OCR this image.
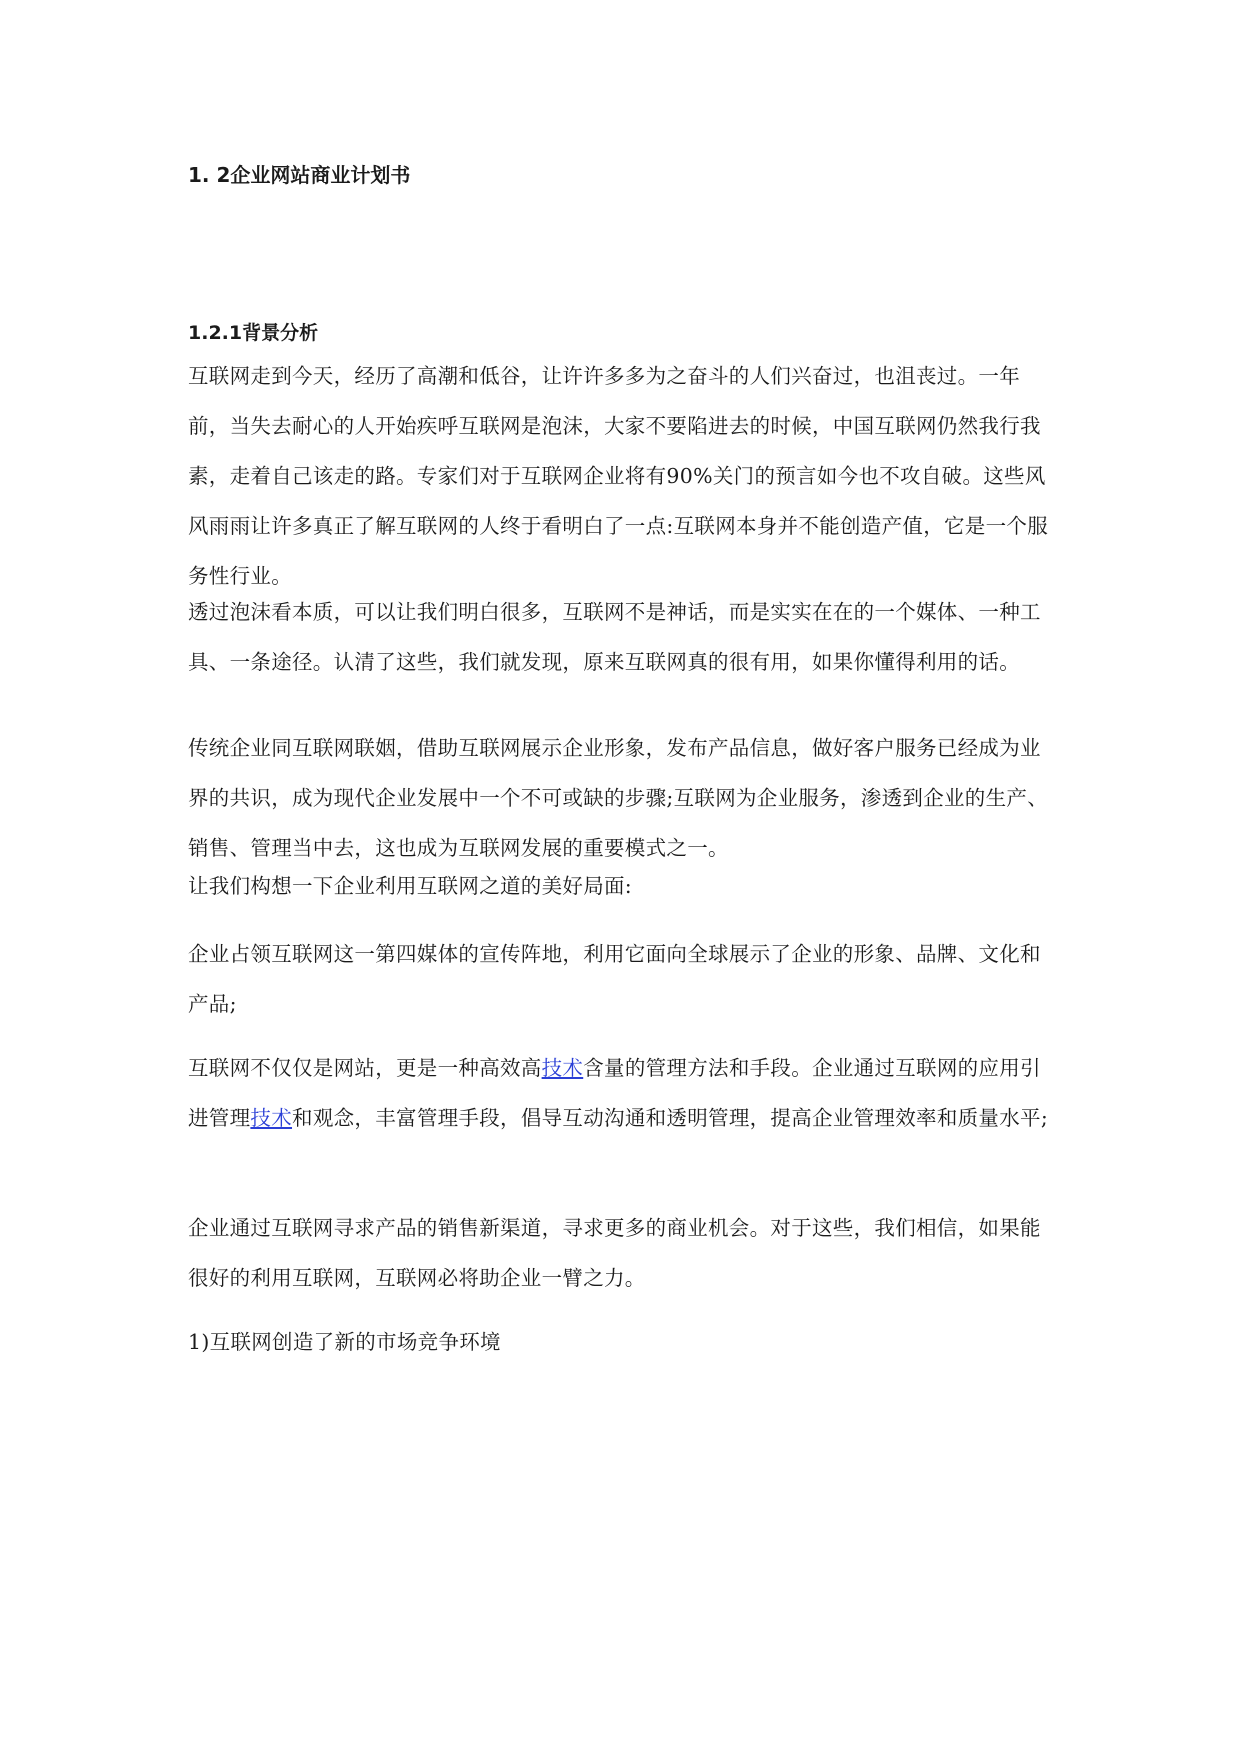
1. 2企业网站商业计划书
1.2.1背景分析

互联网走到今天，经历了高潮和低谷，让许许多多为之奋斗的人们兴奋过，也沮丧过。一年前，当失去耐心的人开始疾呼互联网是泡沫，大家不要陷进去的时候，中国互联网仍然我行我素，走着自己该走的路。专家们对于互联网企业将有90%关门的预言如今也不攻自破。这些风风雨雨让许多真正了解互联网的人终于看明白了一点:互联网本身并不能创造产值，它是一个服务性行业。

透过泡沫看本质，可以让我们明白很多，互联网不是神话，而是实实在在的一个媒体、一种工具、一条途径。认清了这些，我们就发现，原来互联网真的很有用，如果你懂得利用的话。

传统企业同互联网联姻，借助互联网展示企业形象，发布产品信息，做好客户服务已经成为业界的共识，成为现代企业发展中一个不可或缺的步骤;互联网为企业服务，渗透到企业的生产、销售、管理当中去，这也成为互联网发展的重要模式之一。

让我们构想一下企业利用互联网之道的美好局面:

企业占领互联网这一第四媒体的宣传阵地，利用它面向全球展示了企业的形象、品牌、文化和产品;

互联网不仅仅是网站，更是一种高效高技术含量的管理方法和手段。企业通过互联网的应用引进管理技术和观念，丰富管理手段，倡导互动沟通和透明管理，提高企业管理效率和质量水平;

企业通过互联网寻求产品的销售新渠道，寻求更多的商业机会。对于这些，我们相信，如果能很好的利用互联网，互联网必将助企业一臂之力。

1)互联网创造了新的市场竞争环境
